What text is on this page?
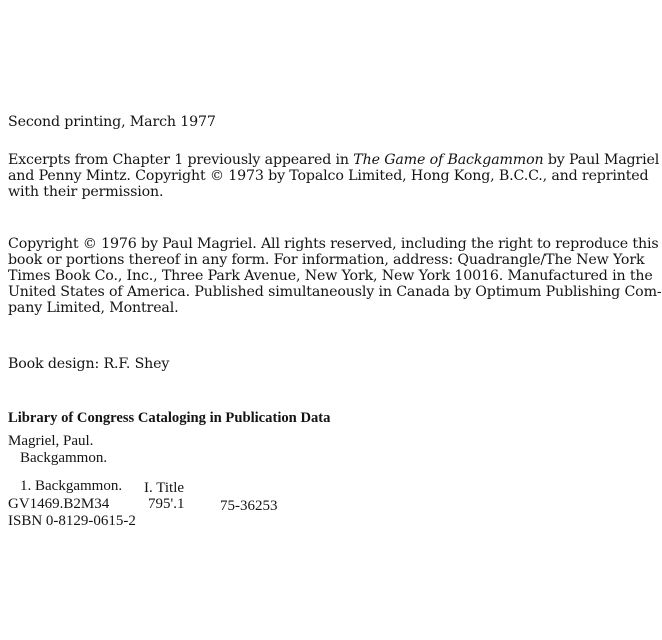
Second printing, March 1977
Excerpts from Chapter 1 previously appeared in The Game of Backgammon by Paul Magriel
and Penny Mintz. Copyright © 1973 by Topalco Limited, Hong Kong, B.C.C., and reprinted
with their permission.
Copyright © 1976 by Paul Magriel. All rights reserved, including the right to reproduce this
book or portions thereof in any form. For information, address: Quadrangle/The New York
Times Book Co., Inc., Three Park Avenue, New York, New York 10016. Manufactured in the
United States of America. Published simultaneously in Canada by Optimum Publishing Com-
pany Limited, Montreal.
Book design: R.F. Shey
Library of Congress Cataloging in Publication Data
Magriel, Paul.
Backgammon.
1. Backgammon. I. Title
GV1469.B2M34	795'.1 75-36253
ISBN 0-8129-0615-2
